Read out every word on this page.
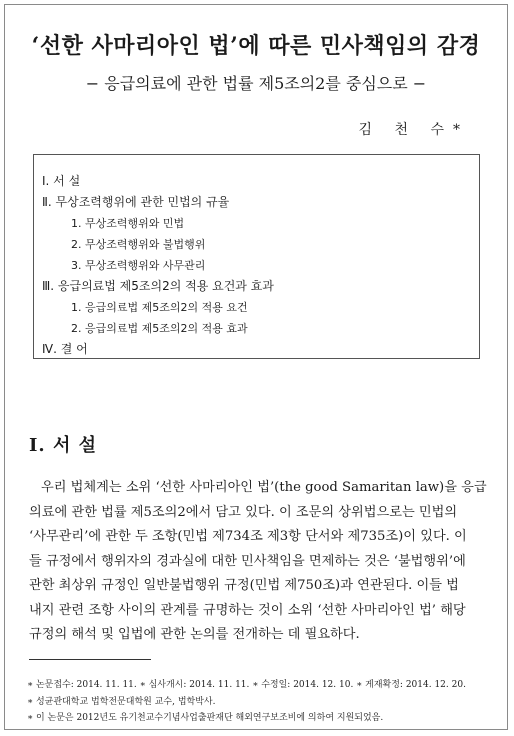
‘선한 사마리아인 법’에 따른 민사책임의 감경
− 응급의료에 관한 법률 제5조의2를 중심으로 −
김 천 수*
Ⅰ. 서 설
Ⅱ. 무상조력행위에 관한 민법의 규율
1. 무상조력행위와 민법
2. 무상조력행위와 불법행위
3. 무상조력행위와 사무관리
Ⅲ. 응급의료법 제5조의2의 적용 요건과 효과
1. 응급의료법 제5조의2의 적용 요건
2. 응급의료법 제5조의2의 적용 효과
Ⅳ. 결 어
Ⅰ. 서 설
우리 법체계는 소위 ‘선한 사마리아인 법’(the good Samaritan law)을 응급
의료에 관한 법률 제5조의2에서 담고 있다. 이 조문의 상위법으로는 민법의
‘사무관리’에 관한 두 조항(민법 제734조 제3항 단서와 제735조)이 있다. 이
들 규정에서 행위자의 경과실에 대한 민사책임을 면제하는 것은 ‘불법행위’에
관한 최상위 규정인 일반불법행위 규정(민법 제750조)과 연관된다. 이들 법
내지 관련 조항 사이의 관계를 규명하는 것이 소위 ‘선한 사마리아인 법’ 해당
규정의 해석 및 입법에 관한 논의를 전개하는 데 필요하다.
∗ 논문접수: 2014. 11. 11. ∗ 심사개시: 2014. 11. 11. ∗ 수정일: 2014. 12. 10. ∗ 게재확정: 2014. 12. 20.
∗ 성균관대학교 법학전문대학원 교수, 법학박사.
∗ 이 논문은 2012년도 유기천교수기념사업출판재단 해외연구보조비에 의하여 지원되었음.
